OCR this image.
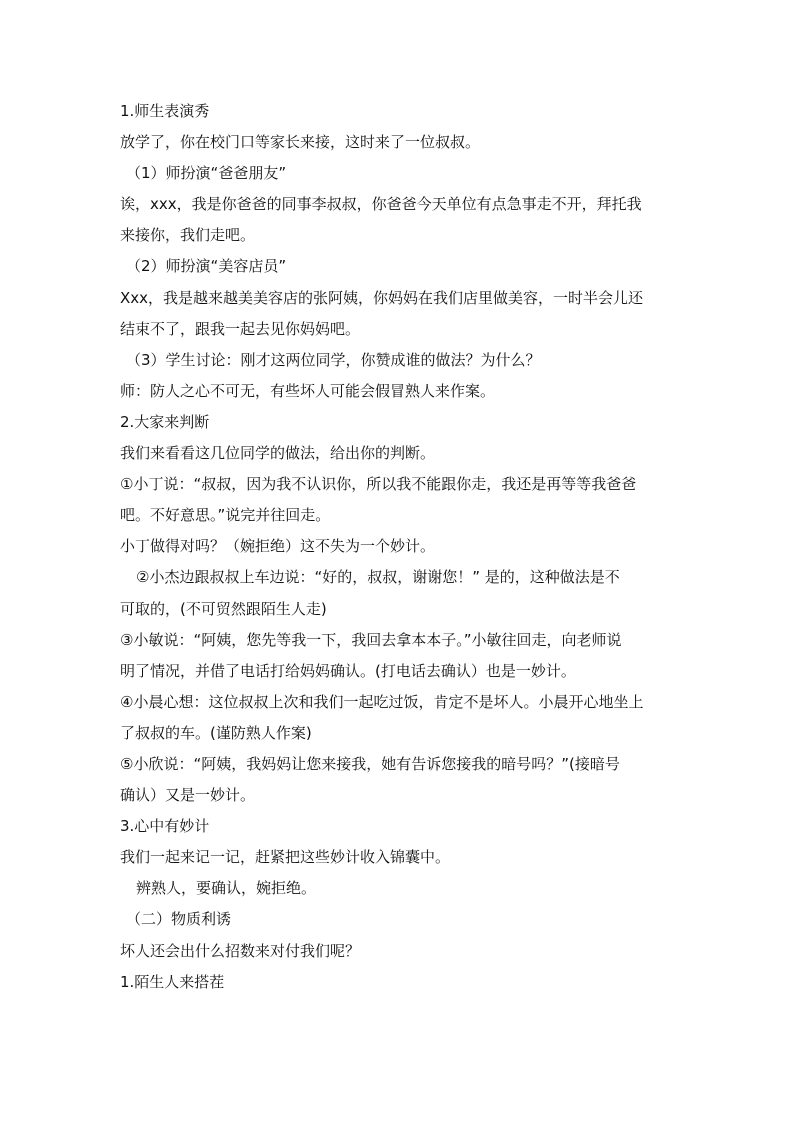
1.师生表演秀
放学了，你在校门口等家长来接，这时来了一位叔叔。
（1）师扮演“爸爸朋友”
诶，xxx，我是你爸爸的同事李叔叔，你爸爸今天单位有点急事走不开，拜托我
来接你，我们走吧。
（2）师扮演“美容店员”
Xxx，我是越来越美美容店的张阿姨，你妈妈在我们店里做美容，一时半会儿还
结束不了，跟我一起去见你妈妈吧。
（3）学生讨论：刚才这两位同学，你赞成谁的做法？为什么？
师：防人之心不可无，有些坏人可能会假冒熟人来作案。
2.大家来判断
我们来看看这几位同学的做法，给出你的判断。
①小丁说：“叔叔，因为我不认识你，所以我不能跟你走，我还是再等等我爸爸
吧。不好意思。”说完并往回走。
小丁做得对吗？（婉拒绝）这不失为一个妙计。
②小杰边跟叔叔上车边说：“好的，叔叔，谢谢您！” 是的，这种做法是不
可取的，(不可贸然跟陌生人走)
③小敏说：“阿姨，您先等我一下，我回去拿本本子。”小敏往回走，向老师说
明了情况，并借了电话打给妈妈确认。(打电话去确认）也是一妙计。
④小晨心想：这位叔叔上次和我们一起吃过饭，肯定不是坏人。小晨开心地坐上
了叔叔的车。(谨防熟人作案)
⑤小欣说：“阿姨，我妈妈让您来接我，她有告诉您接我的暗号吗？”(接暗号
确认）又是一妙计。
3.心中有妙计
我们一起来记一记，赶紧把这些妙计收入锦囊中。
辨熟人，要确认，婉拒绝。
（二）物质利诱
坏人还会出什么招数来对付我们呢？
1.陌生人来搭茬
